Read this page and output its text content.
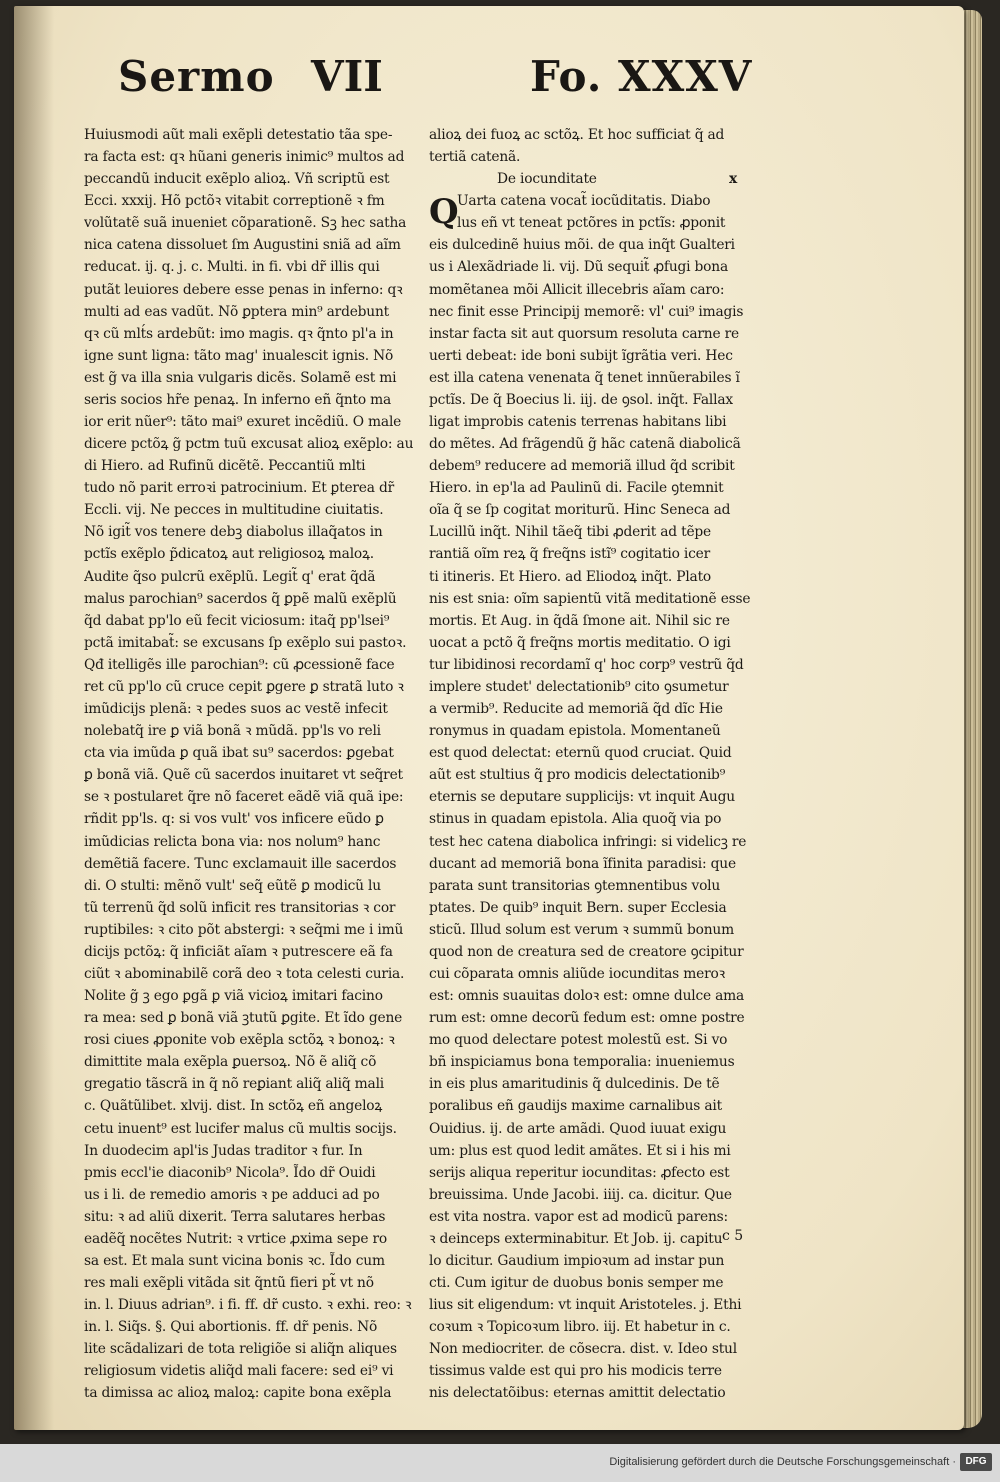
Sermo VII	Fo. XXXV
Huiusmodi aũt mali exẽpli detestatio tãa spe-
ra facta est: qꝛ hũani generis inimic⁹ multos ad
peccandũ inducit exẽplo alioꝝ. Vñ scriptũ est
Ecci. xxxij. Hõ pctõꝛ vitabit correptionẽ ꝛ fm
volũtatẽ suã inueniet cõparationẽ. Sꝫ hec satha
nica catena dissoluet ſm Augustini sniã ad aĩm
reducat. ij. q. j. c. Multi. in fi. vbi dr̃ illis qui
putãt leuiores debere esse penas in inferno: qꝛ
multi ad eas vadũt. Nõ ꝑptera min⁹ ardebunt
qꝛ cũ mlt́s ardebũt: imo magis. qꝛ q̃nto pl'a in
igne sunt ligna: tãto mag' inualescit ignis. Nõ
est g̃ va illa snia vulgaris dicẽs. Solamẽ est mi
seris socios hr̃e penaꝝ. In inferno eñ q̃nto ma
ior erit nũer⁹: tãto mai⁹ exuret incẽdiũ. O male
dicere pctõꝝ g̃ pctm tuũ excusat alioꝝ exẽplo: au
di Hiero. ad Rufinũ dicẽtẽ. Peccantiũ mlti
tudo nõ parit erroꝛi patrocinium. Et ꝑterea dr̃
Eccli. vij. Ne pecces in multitudine ciuitatis.
Nõ igit̃ vos tenere debꝫ diabolus illaq̃atos in
pctĩs exẽplo p̃dicatoꝝ aut religiosoꝝ maloꝝ.
Audite q̃so pulcrũ exẽplũ. Legit̃ q' erat q̃dã
malus parochian⁹ sacerdos q̃ ꝑpẽ malũ exẽplũ
q̃d dabat pp'lo eũ fecit viciosum: itaq̃ pp'lsei⁹
pctã imitabat̃: se excusans ſp exẽplo sui pastoꝛ.
Qđ itelligẽs ille parochian⁹: cũ ꝓcessionẽ face
ret cũ pp'lo cũ cruce cepit ꝑgere ꝑ stratã luto ꝛ
imũdicijs plenã: ꝛ pedes suos ac vestẽ infecit
nolebatq̃ ire ꝑ viã bonã ꝛ mũdã. pp'ls vo reli
cta via imũda ꝑ quã ibat su⁹ sacerdos: ꝑgebat
ꝑ bonã viã. Quẽ cũ sacerdos inuitaret vt seq̃ret
se ꝛ postularet q̃re nõ faceret eãdẽ viã quã ipe:
rñdit pp'ls. q: si vos vult' vos inficere eũdo ꝑ
imũdicias relicta bona via: nos nolum⁹ hanc
demẽtiã facere. Tunc exclamauit ille sacerdos
di. O stulti: mẽnõ vult' seq̃ eũtẽ ꝑ modicũ lu
tũ terrenũ q̃d solũ inficit res transitorias ꝛ cor
ruptibiles: ꝛ cito põt abstergi: ꝛ seq̃mi me i imũ
dicijs pctõꝝ: q̃ inficiãt aĩam ꝛ putrescere eã fa
ciũt ꝛ abominabilẽ corã deo ꝛ tota celesti curia.
Nolite g̃ ꝫ ego ꝑgã ꝑ viã vicioꝝ imitari facino
ra mea: sed ꝑ bonã viã ꝫtutũ ꝑgite. Et ĩdo gene
rosi ciues ꝓponite vob exẽpla sctõꝝ ꝛ bonoꝝ: ꝛ
dimittite mala exẽpla ꝑuersoꝝ. Nõ ẽ aliq̃ cõ
gregatio tãscrã in q̃ nõ reꝑiant aliq̃ aliq̃ mali
c. Quãtũlibet. xlvij. dist. In sctõꝝ eñ angeloꝝ
cetu inuent⁹ est lucifer malus cũ multis socijs.
In duodecim apl'is Judas traditor ꝛ fur. In
pmis eccl'ie diaconib⁹ Nicola⁹. Ĩdo dr̃ Ouidi
us i li. de remedio amoris ꝛ pe adduci ad po
situ: ꝛ ad aliũ dixerit. Terra salutares herbas
eadẽq̃ nocẽtes Nutrit: ꝛ vrtice ꝓxima sepe ro
sa est. Et mala sunt vicina bonis ꝛc. Ĩdo cum
res mali exẽpli vitãda sit q̃ntũ fieri pt̃ vt nõ
in. l. Diuus adrian⁹. i fi. ff. dr̃ custo. ꝛ exhi. reo: ꝛ
in. l. Siq̃s. §. Qui abortionis. ff. dr̃ penis. Nõ
lite scãdalizari de tota religiõe si aliq̃n aliques
religiosum videtis aliq̃d mali facere: sed ei⁹ vi
ta dimissa ac alioꝝ maloꝝ: capite bona exẽpla
alioꝝ dei fuoꝝ ac sctõꝝ. Et hoc sufficiat q̃ ad
tertiã catenã.
De iocunditate	x
Q
Uarta catena vocat̃ iocũditatis. Diabo
lus eñ vt teneat pctõres in pctĩs: ꝓponit
eis dulcedinẽ huius mõi. de qua inq̃t Gualteri
us i Alexãdriade li. vij. Dũ sequit̃ ꝓfugi bona
momẽtanea mõi Allicit illecebris aĩam caro:
nec finit esse Principij memorẽ: vl' cui⁹ imagis
instar facta sit aut quorsum resoluta carne re
uerti debeat: ide boni subijt ĩgrãtia veri. Hec
est illa catena venenata q̃ tenet innũerabiles ĩ
pctĩs. De q̃ Boecius li. iij. de ꝯsol. inq̃t. Fallax
ligat improbis catenis terrenas habitans libi
do mẽtes. Ad frãgendũ g̃ hãc catenã diabolicã
debem⁹ reducere ad memoriã illud q̃d scribit
Hiero. in ep'la ad Paulinũ di. Facile ꝯtemnit
oĩa q̃ se ſp cogitat moriturũ. Hinc Seneca ad
Lucillũ inq̃t. Nihil tãeq̃ tibi ꝓderit ad tẽpe
rantiã oĩm reꝝ q̃ freq̃ns istĩ⁹ cogitatio icer
ti itineris. Et Hiero. ad Eliodoꝝ inq̃t. Plato
nis est snia: oĩm sapientũ vitã meditationẽ esse
mortis. Et Aug. in q̃dã ſmone ait. Nihil sic re
uocat a pctõ q̃ freq̃ns mortis meditatio. O igi
tur libidinosi recordamĩ q' hoc corp⁹ vestrũ q̃d
implere studet' delectationib⁹ cito ꝯsumetur
a vermib⁹. Reducite ad memoriã q̃d dĩc Hie
ronymus in quadam epistola. Momentaneũ
est quod delectat: eternũ quod cruciat. Quid
aũt est stultius q̃ pro modicis delectationib⁹
eternis se deputare supplicijs: vt inquit Augu
stinus in quadam epistola. Alia quoq̃ via po
test hec catena diabolica infringi: si videlicꝫ re
ducant ad memoriã bona ĩfinita paradisi: que
parata sunt transitorias ꝯtemnentibus volu
ptates. De quib⁹ inquit Bern. super Ecclesia
sticũ. Illud solum est verum ꝛ summũ bonum
quod non de creatura sed de creatore ꝯcipitur
cui cõparata omnis aliũde iocunditas meroꝛ
est: omnis suauitas doloꝛ est: omne dulce ama
rum est: omne decorũ fedum est: omne postre
mo quod delectare potest molestũ est. Si vo
bñ inspiciamus bona temporalia: inueniemus
in eis plus amaritudinis q̃ dulcedinis. De tẽ
poralibus eñ gaudijs maxime carnalibus ait
Ouidius. ij. de arte amãdi. Quod iuuat exigu
um: plus est quod ledit amãtes. Et si i his mi
serijs aliqua reperitur iocunditas: ꝓfecto est
breuissima. Unde Jacobi. iiij. ca. dicitur. Que
est vita nostra. vapor est ad modicũ parens:
ꝛ deinceps exterminabitur. Et Job. ij. capitu
lo dicitur. Gaudium impioꝛum ad instar pun
cti. Cum igitur de duobus bonis semper me
lius sit eligendum: vt inquit Aristoteles. j. Ethi
coꝛum ꝛ Topicoꝛum libro. iij. Et habetur in c.
Non mediocriter. de cõsecra. dist. v. Ideo stul
tissimus valde est qui pro his modicis terre
nis delectatõibus: eternas amittit delectatio
c 5
Digitalisierung gefördert durch die Deutsche Forschungsgemeinschaft · DFG
